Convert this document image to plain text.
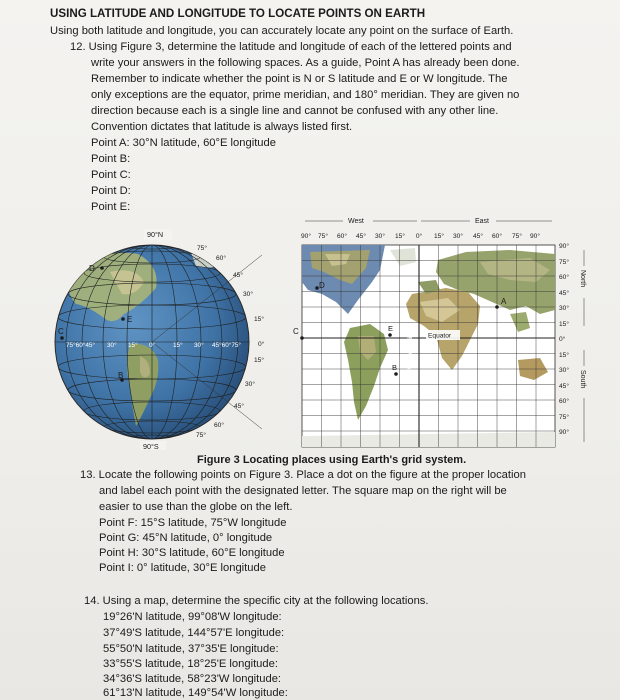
USING LATITUDE AND LONGITUDE TO LOCATE POINTS ON EARTH
Using both latitude and longitude, you can accurately locate any point on the surface of Earth.
12. Using Figure 3, determine the latitude and longitude of each of the lettered points and
write your answers in the following spaces. As a guide, Point A has already been done.
Remember to indicate whether the point is N or S latitude and E or W longitude. The
only exceptions are the equator, prime meridian, and 180° meridian. They are given no
direction because each is a single line and cannot be confused with any other line.
Convention dictates that latitude is always listed first.
Point A: 30°N latitude, 60°E longitude
Point B:
Point C:
Point D:
Point E:
90°N
90°S
75°
60°
45°
30°
15°
0°
15°
30°
45°
60°
75°
75°60°45° 30° 15° 0°	15° 30° 45°60°75°
D
E
C
B
Equator
Prime meridian
West	East
90° 75° 60° 45° 30° 15° 0° 15° 30° 45° 60° 75° 90°
90°
75°
60°
45°
30°
15°
0°
15°
30°
45°
60°
75°
90°
North
South
D
E
A
C
B
Figure 3 Locating places using Earth's grid system.
13. Locate the following points on Figure 3. Place a dot on the figure at the proper location
and label each point with the designated letter. The square map on the right will be
easier to use than the globe on the left.
Point F: 15°S latitude, 75°W longitude
Point G: 45°N latitude, 0° longitude
Point H: 30°S latitude, 60°E longitude
Point I: 0° latitude, 30°E longitude
14. Using a map, determine the specific city at the following locations.
19°26'N latitude, 99°08'W longitude:
37°49'S latitude, 144°57'E longitude:
55°50'N latitude, 37°35'E longitude:
33°55'S latitude, 18°25'E longitude:
34°36'S latitude, 58°23'W longitude:
61°13'N latitude, 149°54'W longitude:
